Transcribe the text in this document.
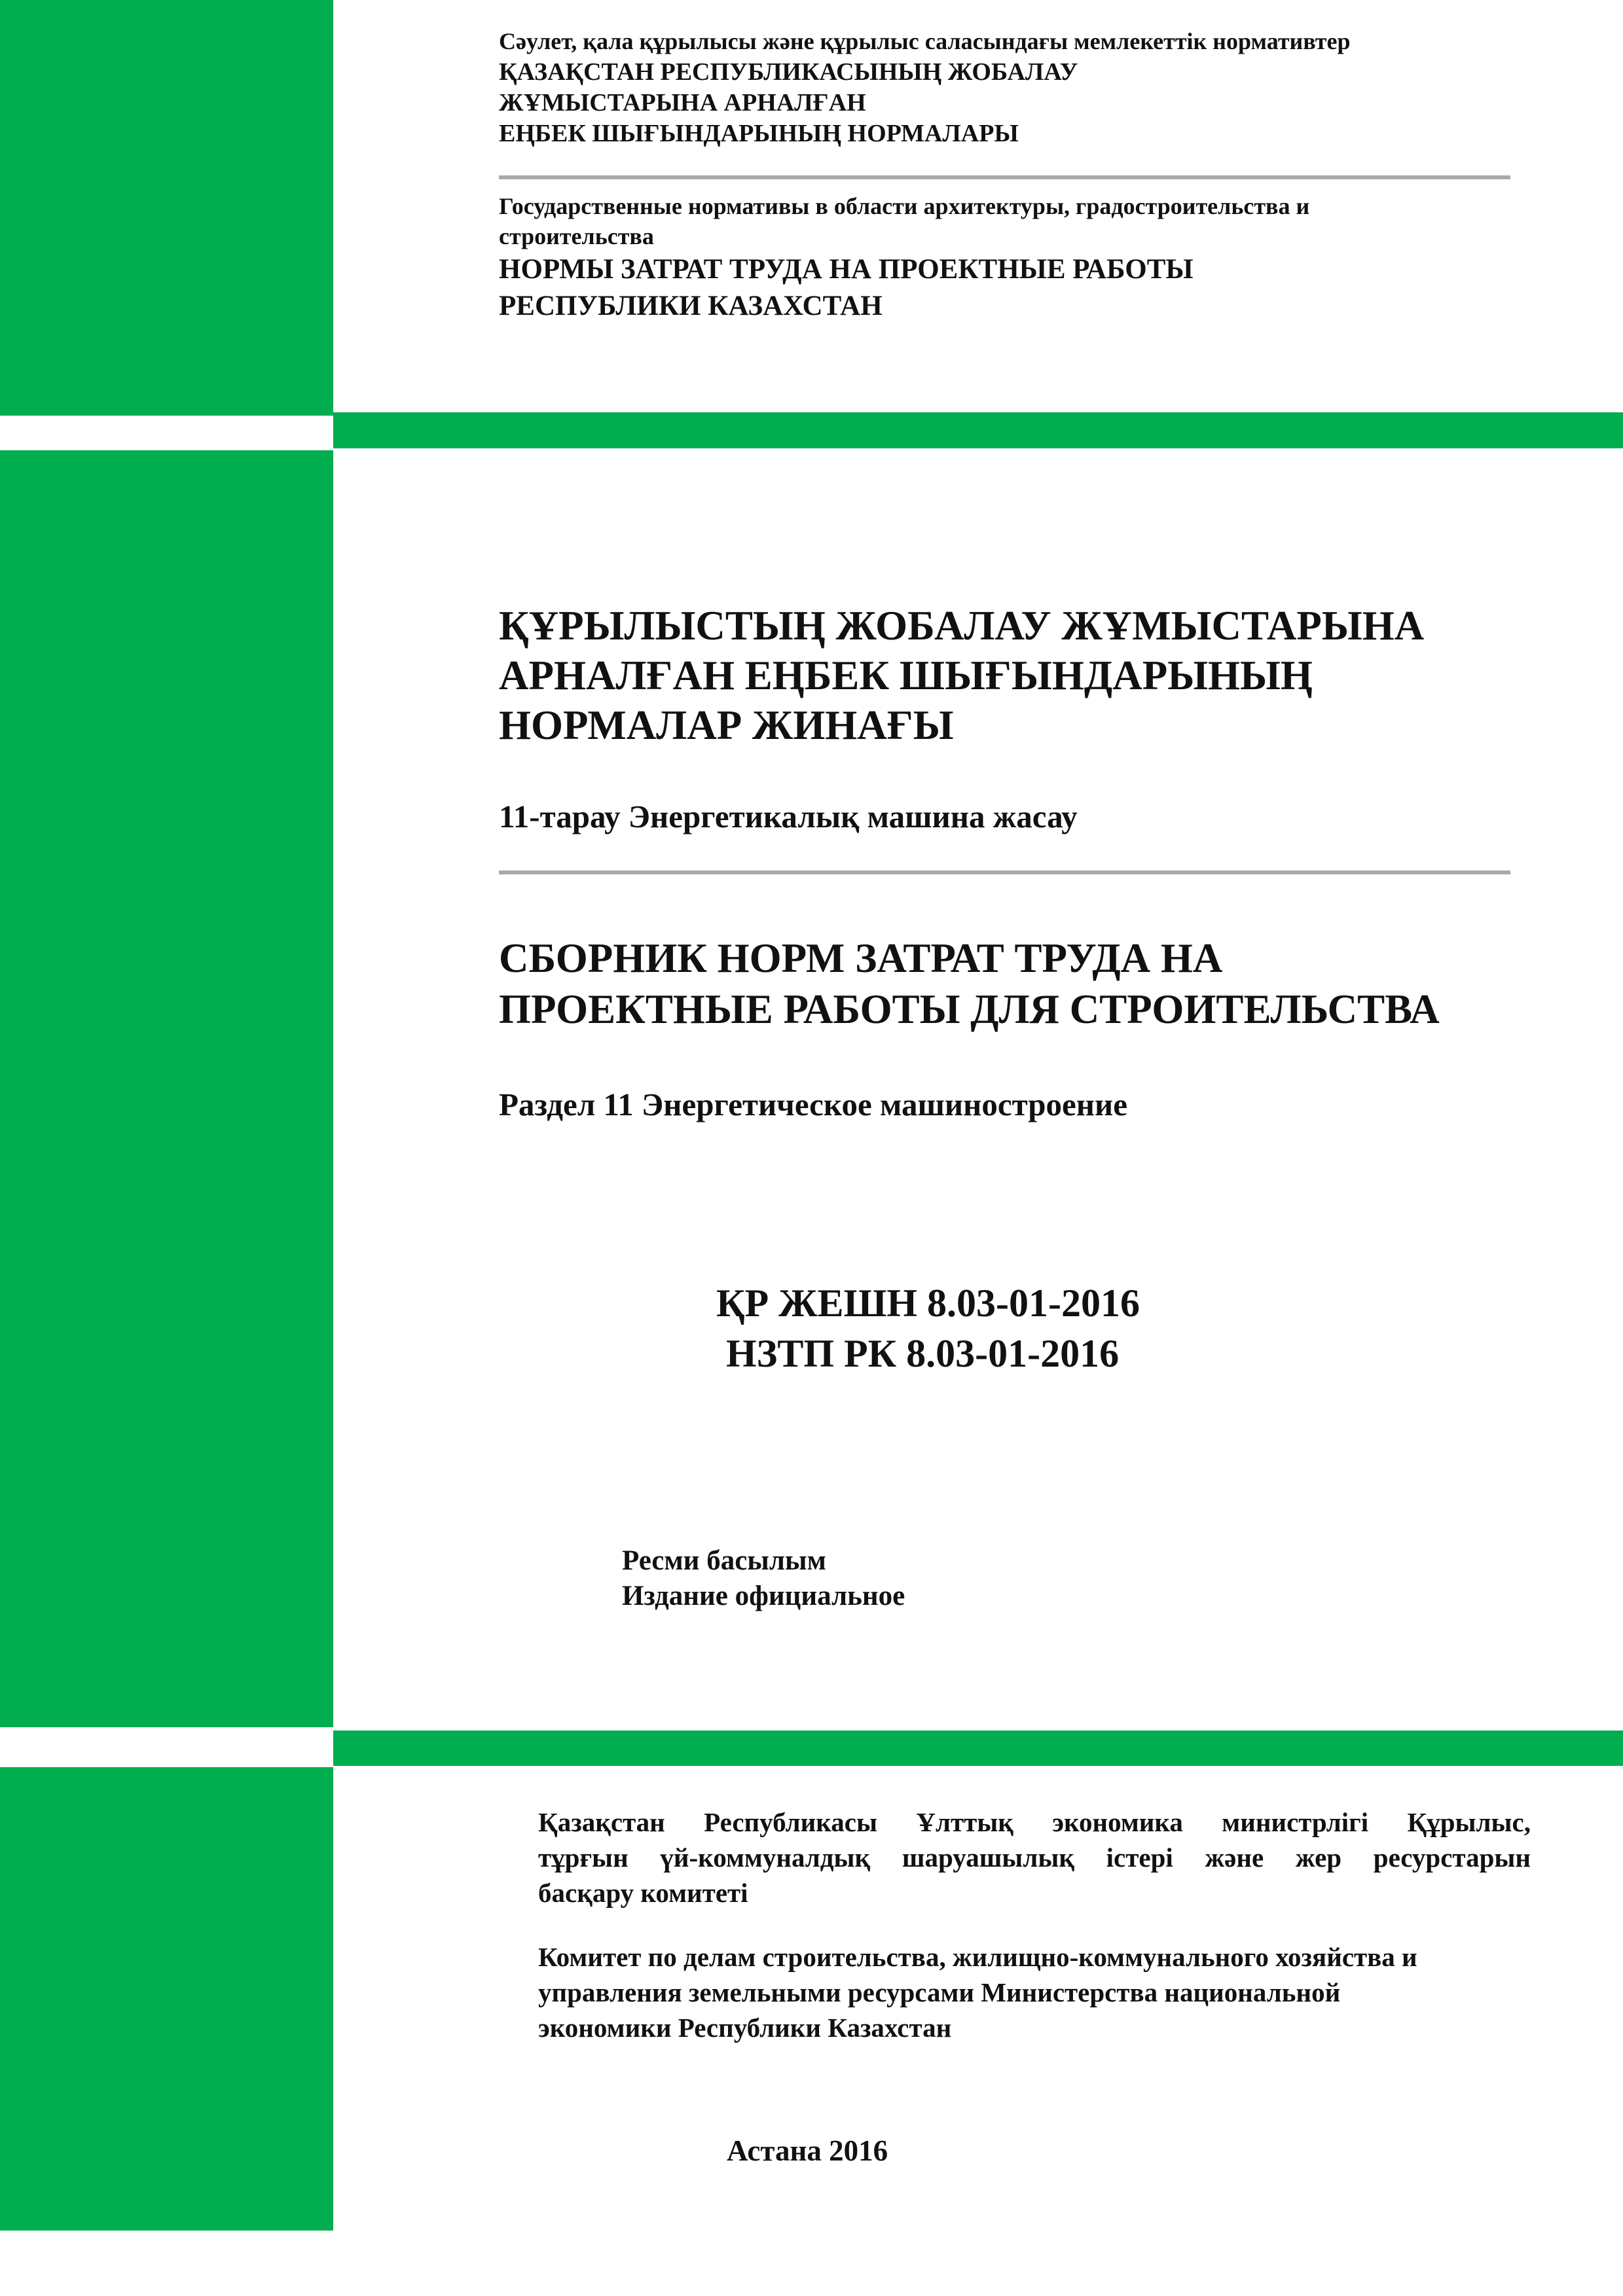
Сәулет, қала құрылысы және құрылыс саласындағы мемлекеттік нормативтер
ҚАЗАҚСТАН РЕСПУБЛИКАСЫНЫҢ ЖОБАЛАУ
ЖҰМЫСТАРЫНА АРНАЛҒАН
ЕҢБЕК ШЫҒЫНДАРЫНЫҢ НОРМАЛАРЫ
Государственные нормативы в области архитектуры, градостроительства и
строительства
НОРМЫ ЗАТРАТ ТРУДА НА ПРОЕКТНЫЕ РАБОТЫ
РЕСПУБЛИКИ КАЗАХСТАН
ҚҰРЫЛЫСТЫҢ ЖОБАЛАУ ЖҰМЫСТАРЫНА
АРНАЛҒАН ЕҢБЕК ШЫҒЫНДАРЫНЫҢ
НОРМАЛАР ЖИНАҒЫ
11-тарау Энергетикалық машина жасау
СБОРНИК НОРМ ЗАТРАТ ТРУДА НА
ПРОЕКТНЫЕ РАБОТЫ ДЛЯ СТРОИТЕЛЬСТВА
Раздел 11 Энергетическое машиностроение
ҚР ЖЕШН 8.03-01-2016
НЗТП РК 8.03-01-2016
Ресми басылым
Издание официальное
Қазақстан Республикасы Ұлттық экономика министрлігі Құрылыс,
тұрғын үй-коммуналдық шаруашылық істері және жер ресурстарын
басқару комитеті
Комитет по делам строительства, жилищно-коммунального хозяйства и
управления земельными ресурсами Министерства национальной
экономики Республики Казахстан
Астана 2016
